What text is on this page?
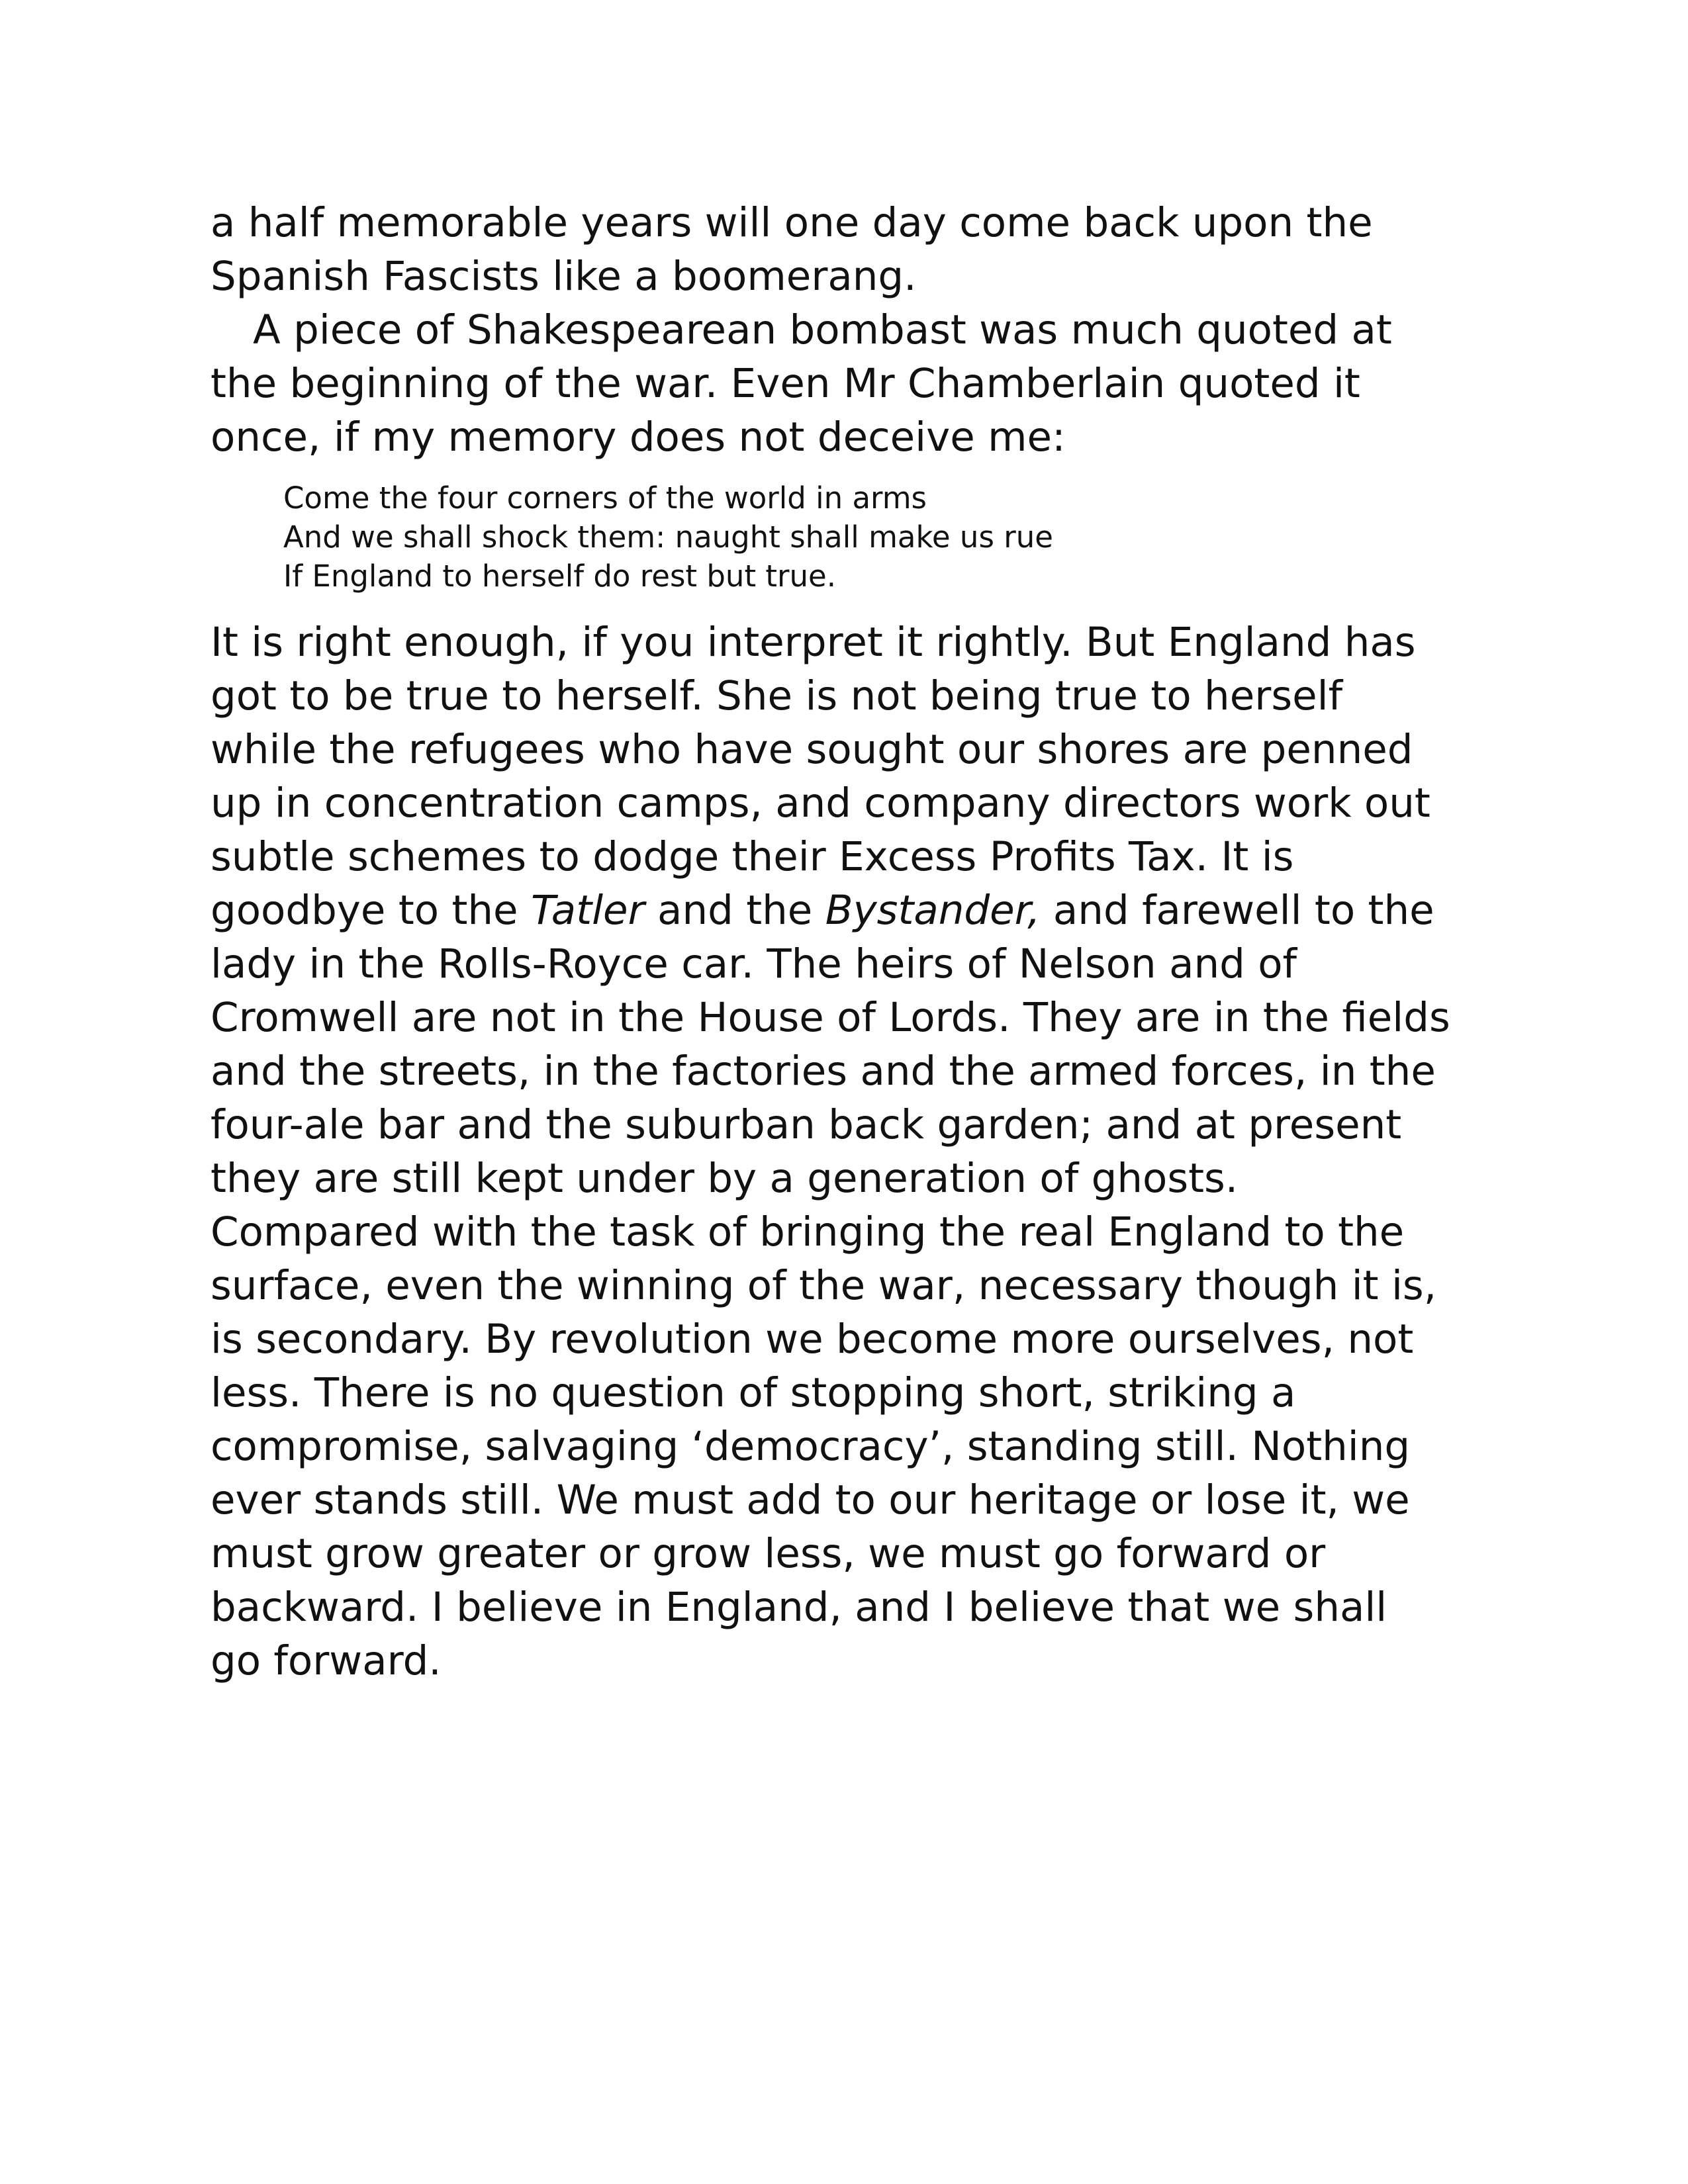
a half memorable years will one day come back upon the
Spanish Fascists like a boomerang.
A piece of Shakespearean bombast was much quoted at
the beginning of the war. Even Mr Chamberlain quoted it
once, if my memory does not deceive me:
Come the four corners of the world in arms
And we shall shock them: naught shall make us rue
If England to herself do rest but true.
It is right enough, if you interpret it rightly. But England has
got to be true to herself. She is not being true to herself
while the refugees who have sought our shores are penned
up in concentration camps, and company directors work out
subtle schemes to dodge their Excess Profits Tax. It is
goodbye to the Tatler and the Bystander, and farewell to the
lady in the Rolls-Royce car. The heirs of Nelson and of
Cromwell are not in the House of Lords. They are in the fields
and the streets, in the factories and the armed forces, in the
four-ale bar and the suburban back garden; and at present
they are still kept under by a generation of ghosts.
Compared with the task of bringing the real England to the
surface, even the winning of the war, necessary though it is,
is secondary. By revolution we become more ourselves, not
less. There is no question of stopping short, striking a
compromise, salvaging ‘democracy’, standing still. Nothing
ever stands still. We must add to our heritage or lose it, we
must grow greater or grow less, we must go forward or
backward. I believe in England, and I believe that we shall
go forward.
